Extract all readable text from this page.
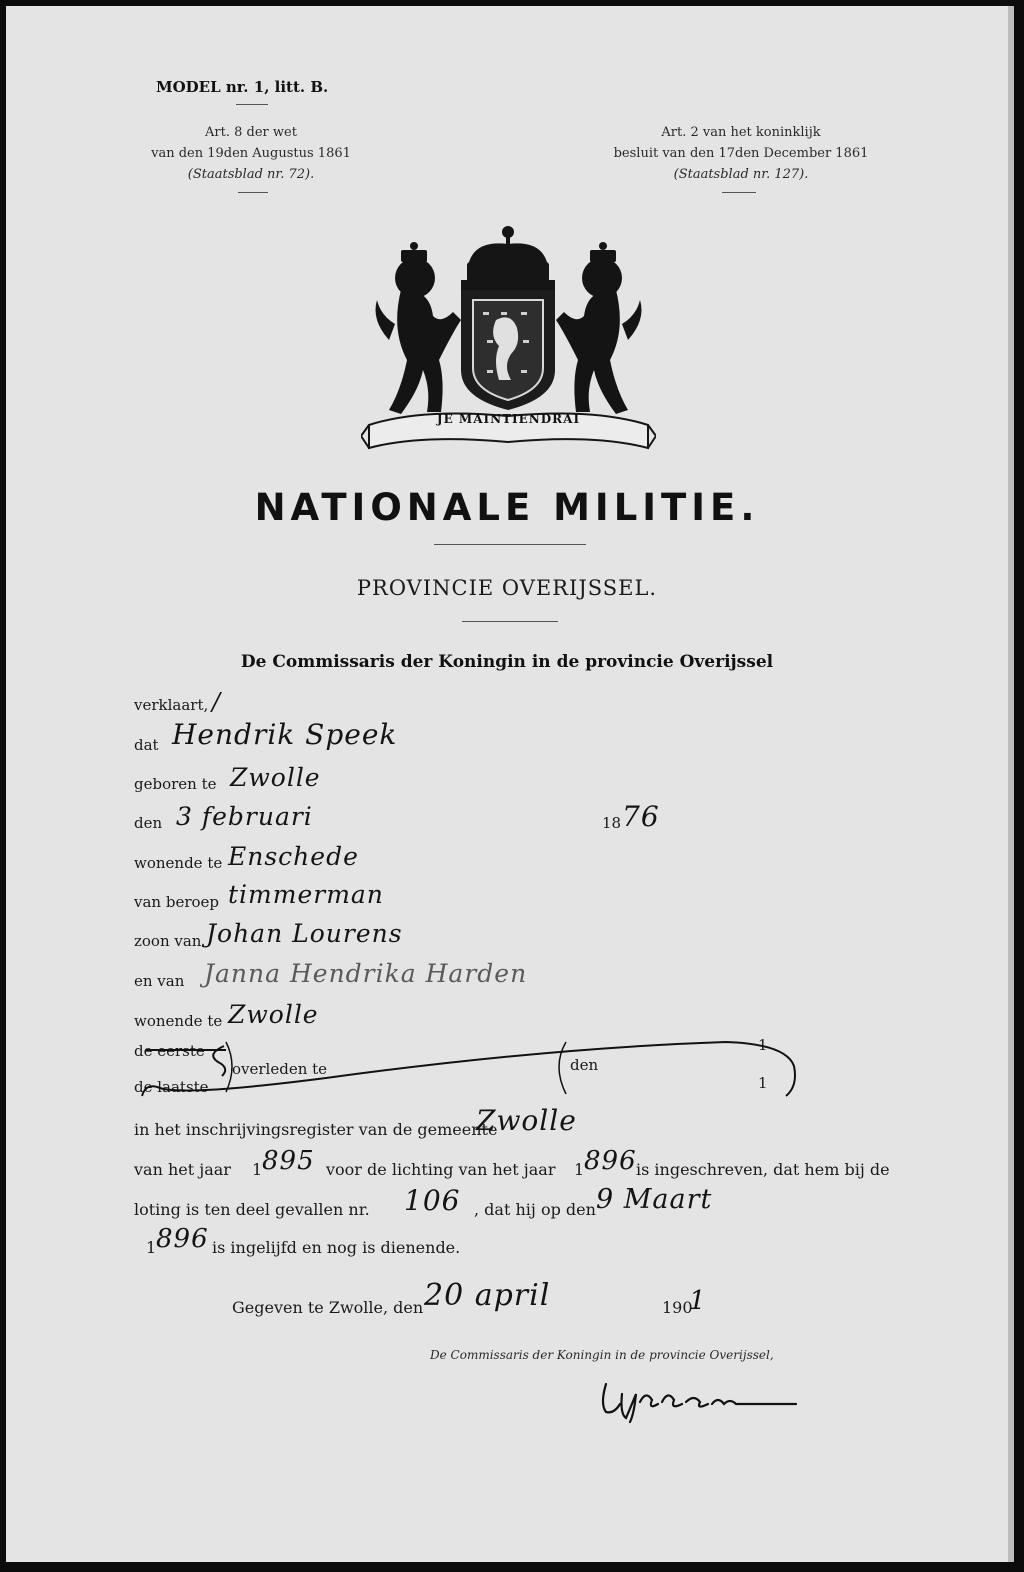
MODEL nr. 1, litt. B.
Art. 8 der wet
van den 19den Augustus 1861
(Staatsblad nr. 72).
Art. 2 van het koninklijk
besluit van den 17den December 1861
(Staatsblad nr. 127).
JE MAINTIENDRAI
NATIONALE MILITIE.
PROVINCIE OVERIJSSEL.
De Commissaris der Koningin in de provincie Overijssel
verklaart, /
dat Hendrik Speek
geboren te Zwolle
den 3 februari	18 76
wonende te Enschede
van beroep timmerman
zoon van Johan Lourens
en van Janna Hendrika Harden
wonende te Zwolle
de eerste
de laatste
overleden te	den
1
1
in het inschrijvingsregister van de gemeente
Zwolle
van het jaar 1 895 voor de lichting van het jaar 1 896 is ingeschreven, dat hem bij de
loting is ten deel gevallen nr. 106 , dat hij op den 9 Maart
1 896 is ingelijfd en nog is dienende.
Gegeven te Zwolle, den 20 april	190
1
De Commissaris der Koningin in de provincie Overijssel,
